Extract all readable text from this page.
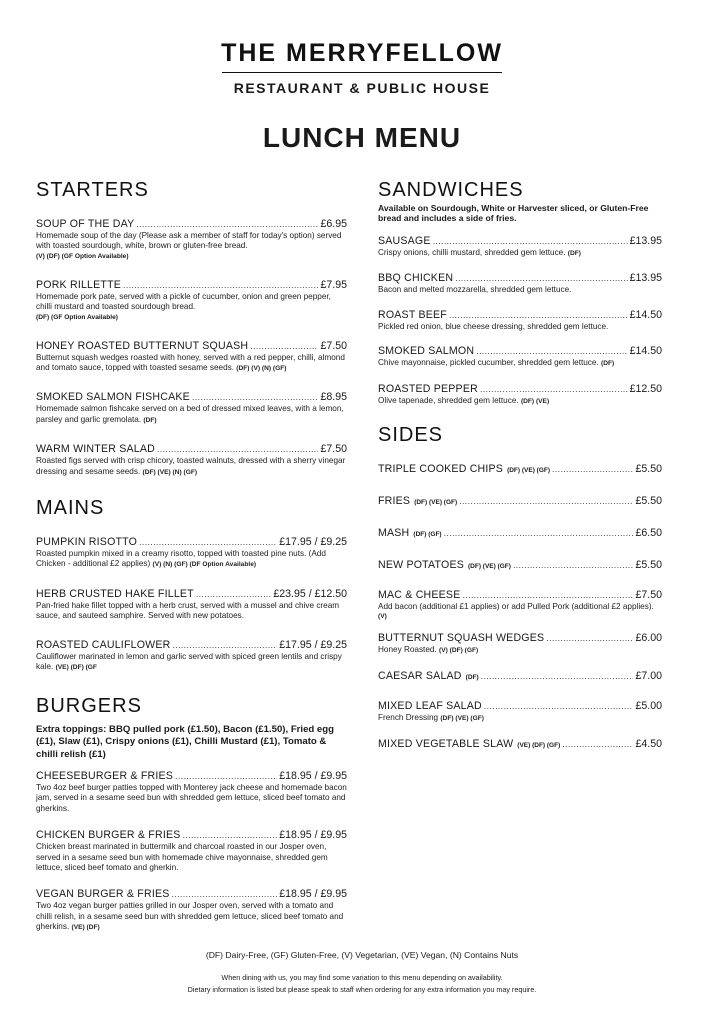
THE MERRYFELLOW
RESTAURANT & PUBLIC HOUSE
LUNCH MENU
STARTERS
SOUP OF THE DAY .....	£6.95
Homemade soup of the day (Please ask a member of staff for today's option) served with toasted sourdough, white, brown or gluten-free bread.
(V) (DF) (GF Option Available)
PORK RILLETTE .....	£7.95
Homemade pork pate, served with a pickle of cucumber, onion and green pepper, chilli mustard and toasted sourdough bread.
(DF) (GF Option Available)
HONEY ROASTED BUTTERNUT SQUASH .....	£7.50
Butternut squash wedges roasted with honey, served with a red pepper, chilli, almond and tomato sauce, topped with toasted sesame seeds. (DF) (V) (N) (GF)
SMOKED SALMON FISHCAKE .....	£8.95
Homemade salmon fishcake served on a bed of dressed mixed leaves, with a lemon, parsley and garlic gremolata. (DF)
WARM WINTER SALAD .....	£7.50
Roasted figs served with crisp chicory, toasted walnuts, dressed with a sherry vinegar dressing and sesame seeds. (DF) (VE) (N) (GF)
MAINS
PUMPKIN RISOTTO .....	£17.95 / £9.25
Roasted pumpkin mixed in a creamy risotto, topped with toasted pine nuts. (Add Chicken - additional £2 applies) (V) (N) (GF) (DF Option Available)
HERB CRUSTED HAKE FILLET .....	£23.95 / £12.50
Pan-fried hake fillet topped with a herb crust, served with a mussel and chive cream sauce, and sauteed samphire. Served with new potatoes.
ROASTED CAULIFLOWER .....	£17.95 / £9.25
Cauliflower marinated in lemon and garlic served with spiced green lentils and crispy kale. (VE) (DF) (GF
BURGERS
Extra toppings: BBQ pulled pork (£1.50), Bacon (£1.50), Fried egg (£1), Slaw (£1), Crispy onions (£1), Chilli Mustard (£1), Tomato & chilli relish (£1)
CHEESEBURGER & FRIES .....	£18.95 / £9.95
Two 4oz beef burger patties topped with Monterey jack cheese and homemade bacon jam, served in a sesame seed bun with shredded gem lettuce, sliced beef tomato and gherkins.
CHICKEN BURGER & FRIES .....	£18.95 / £9.95
Chicken breast marinated in buttermilk and charcoal roasted in our Josper oven, served in a sesame seed bun with homemade chive mayonnaise, shredded gem lettuce, sliced beef tomato and gherkin.
VEGAN BURGER & FRIES .....	£18.95 / £9.95
Two 4oz vegan burger patties grilled in our Josper oven, served with a tomato and chilli relish, in a sesame seed bun with shredded gem lettuce, sliced beef tomato and gherkins. (VE) (DF)
SANDWICHES
Available on Sourdough, White or Harvester sliced, or Gluten-Free bread and includes a side of fries.
SAUSAGE .....	£13.95
Crispy onions, chilli mustard, shredded gem lettuce. (DF)
BBQ CHICKEN .....	£13.95
Bacon and melted mozzarella, shredded gem lettuce.
ROAST BEEF .....	£14.50
Pickled red onion, blue cheese dressing, shredded gem lettuce.
SMOKED SALMON .....	£14.50
Chive mayonnaise, pickled cucumber, shredded gem lettuce. (DF)
ROASTED PEPPER .....	£12.50
Olive tapenade, shredded gem lettuce. (DF) (VE)
SIDES
TRIPLE COOKED CHIPS (DF) (VE) (GF) .....	£5.50
FRIES (DF) (VE) (GF) .....	£5.50
MASH (DF) (GF) .....	£6.50
NEW POTATOES (DF) (VE) (GF) .....	£5.50
MAC & CHEESE .....	£7.50
Add bacon (additional £1 applies) or add Pulled Pork (additional £2 applies).
(V)
BUTTERNUT SQUASH WEDGES .....	£6.00
Honey Roasted. (V) (DF) (GF)
CAESAR SALAD (DF) .....	£7.00
MIXED LEAF SALAD .....	£5.00
French Dressing (DF) (VE) (GF)
MIXED VEGETABLE SLAW (VE) (DF) (GF) .....	£4.50
(DF) Dairy-Free, (GF) Gluten-Free, (V) Vegetarian, (VE) Vegan, (N) Contains Nuts
When dining with us, you may find some variation to this menu depending on availability.
Dietary information is listed but please speak to staff when ordering for any extra information you may require.
